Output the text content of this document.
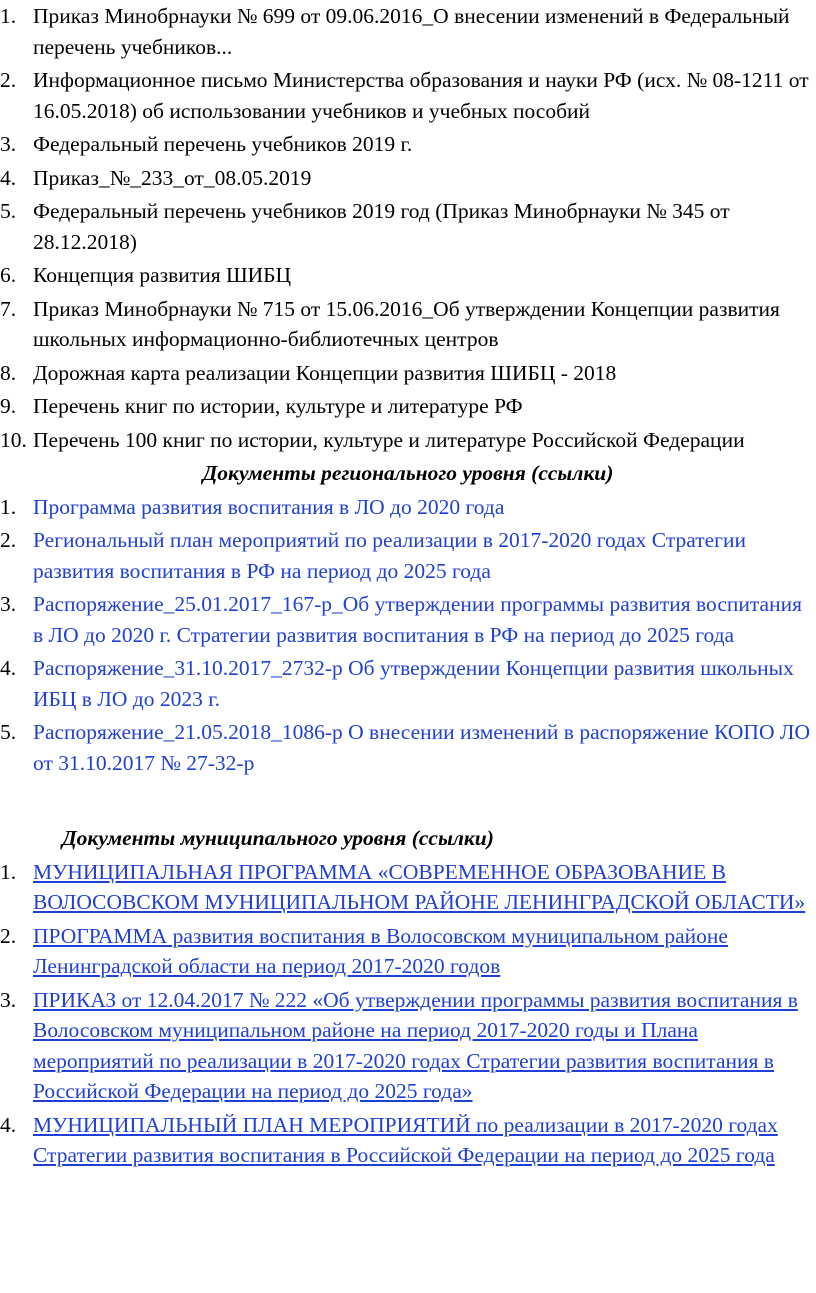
1. Приказ Минобрнауки № 699 от 09.06.2016_О внесении изменений в Федеральный перечень учебников...
2. Информационное письмо Министерства образования и науки РФ (исх. № 08-1211 от 16.05.2018) об использовании учебников и учебных пособий
3. Федеральный перечень учебников 2019 г.
4. Приказ_№_233_от_08.05.2019
5. Федеральный перечень учебников 2019 год (Приказ Минобрнауки № 345 от 28.12.2018)
6. Концепция развития ШИБЦ
7. Приказ Минобрнауки № 715 от 15.06.2016_Об утверждении Концепции развития школьных информационно-библиотечных центров
8. Дорожная карта реализации Концепции развития ШИБЦ - 2018
9. Перечень книг по истории, культуре и литературе РФ
10. Перечень 100 книг по истории, культуре и литературе Российской Федерации
Документы регионального уровня (ссылки)
1. Программа развития воспитания в ЛО до 2020 года
2. Региональный план мероприятий по реализации в 2017-2020 годах Стратегии развития воспитания в РФ на период до 2025 года
3. Распоряжение_25.01.2017_167-р_Об утверждении программы развития воспитания в ЛО до 2020 г. Стратегии развития воспитания в РФ на период до 2025 года
4. Распоряжение_31.10.2017_2732-р Об утверждении Концепции развития школьных ИБЦ в ЛО до 2023 г.
5. Распоряжение_21.05.2018_1086-р О внесении изменений в распоряжение КОПО ЛО от 31.10.2017 № 27-32-р
Документы муниципального уровня (ссылки)
1. МУНИЦИПАЛЬНАЯ ПРОГРАММА «СОВРЕМЕННОЕ ОБРАЗОВАНИЕ В ВОЛОСОВСКОМ МУНИЦИПАЛЬНОМ РАЙОНЕ ЛЕНИНГРАДСКОЙ ОБЛАСТИ»
2. ПРОГРАММА развития воспитания в Волосовском муниципальном районе Ленинградской области на период 2017-2020 годов
3. ПРИКАЗ от 12.04.2017 № 222 «Об утверждении программы развития воспитания в Волосовском муниципальном районе на период 2017-2020 годы и Плана мероприятий по реализации в 2017-2020 годах Стратегии развития воспитания в Российской Федерации на период до 2025 года»
4. МУНИЦИПАЛЬНЫЙ ПЛАН МЕРОПРИЯТИЙ по реализации в 2017-2020 годах Стратегии развития воспитания в Российской Федерации на период до 2025 года
